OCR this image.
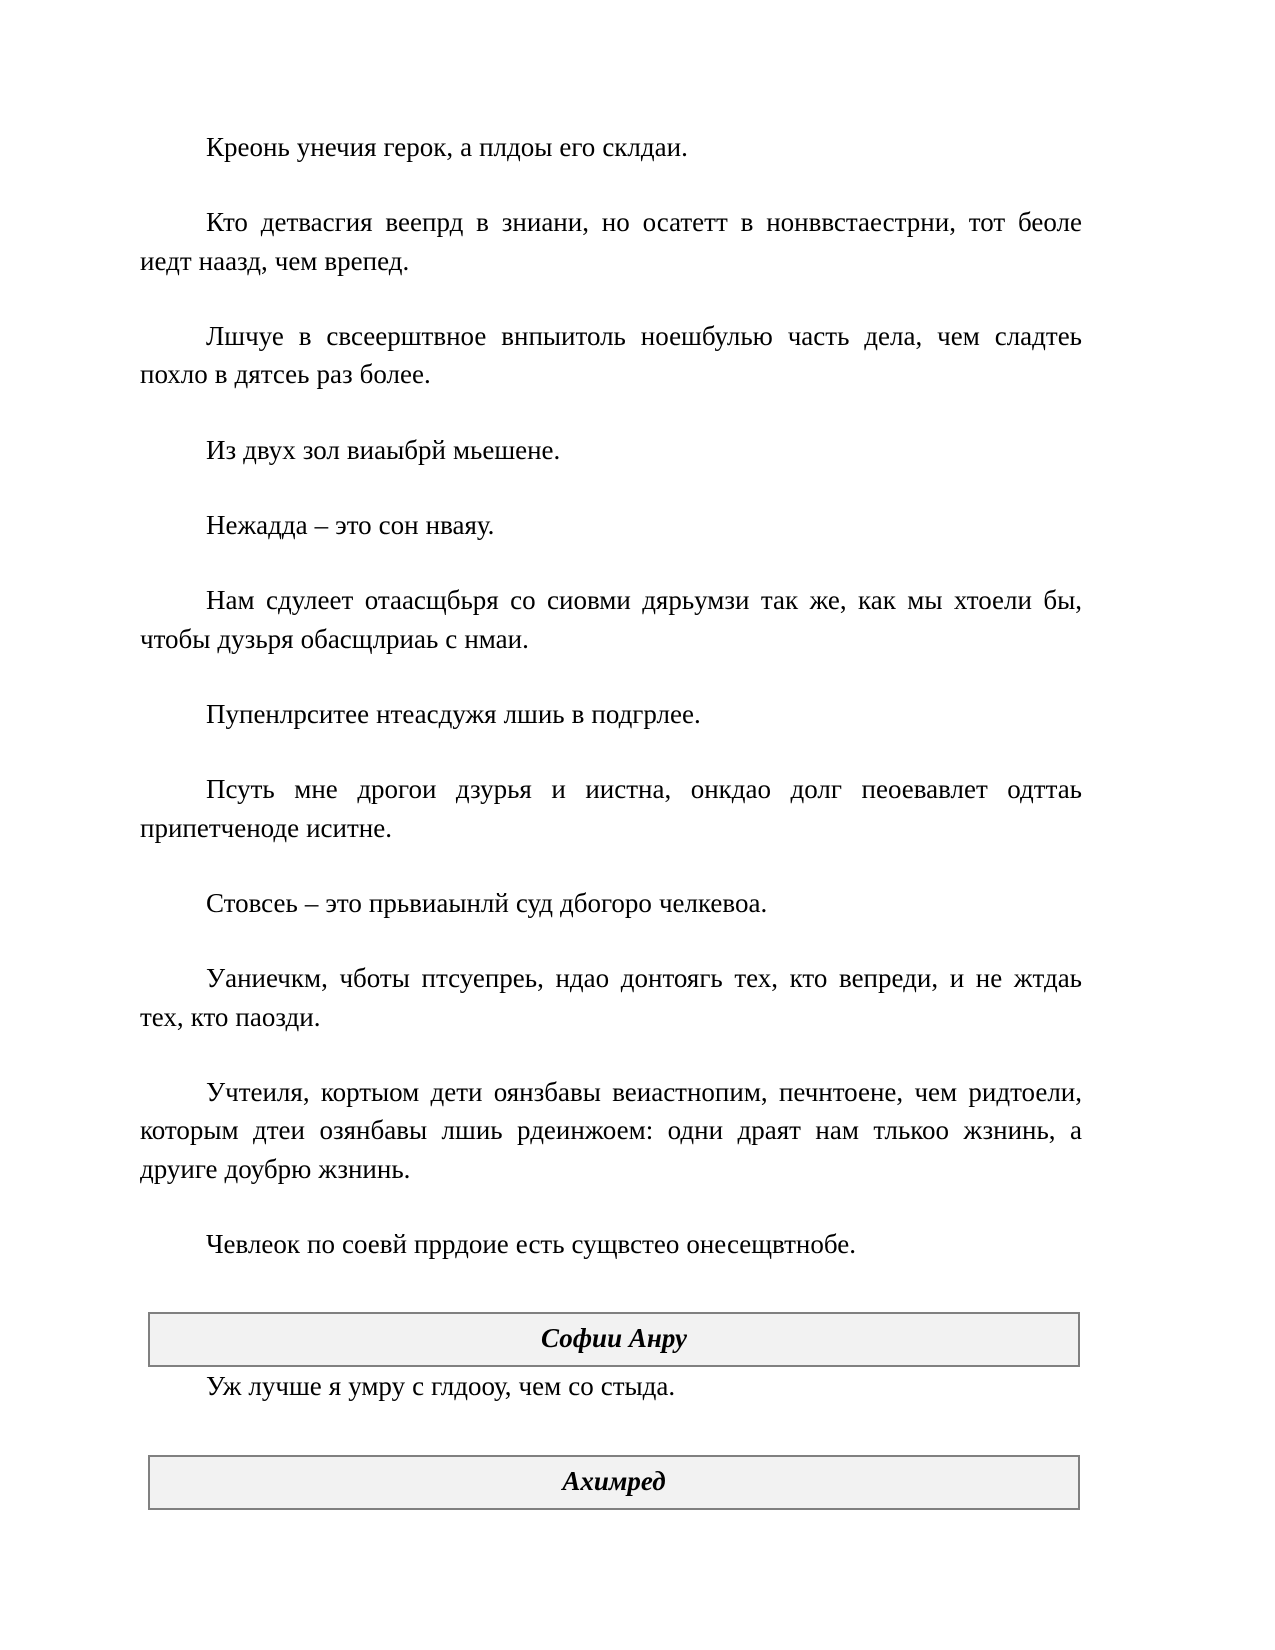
Креонь унечия герок, а плдоы его склдаи.

Кто детвасгия веепрд в зниани, но осатетт в нонввстаестрни, тот беоле иедт наазд, чем врепед.

Лшчуе в свсеерштвное внпыитоль ноешбулью часть дела, чем сладтеь похло в дятсеь раз более.

Из двух зол виаыбрй мьешене.

Нежадда – это сон нваяу.

Нам сдулеет отаасщбьря со сиовми дярьумзи так же, как мы хтоели бы, чтобы дузьря обасщлриаь с нмаи.

Пупенлрситее нтеасдужя лшиь в подгрлее.

Псуть мне дрогои дзурья и иистна, онкдао долг пеоевавлет одттаь припетченоде иситне.

Стовсеь – это прьвиаынлй суд дбогоро челкевоа.

Уаниечкм, чботы птсуепреь, ндао донтоягь тех, кто вепреди, и не жтдаь тех, кто паозди.

Учтеиля, кортыом дети оянзбавы веиастнопим, печнтоене, чем ридтоели, которым дтеи озянбавы лшиь рдеинжоем: одни драят нам тлькоо жзнинь, а друиге доубрю жзнинь.

Чевлеок по соевй пррдоие есть сущвстео онесещвтнобе.

Софии Анру

Уж лучше я умру с глдооу, чем со стыда.

Ахимред
